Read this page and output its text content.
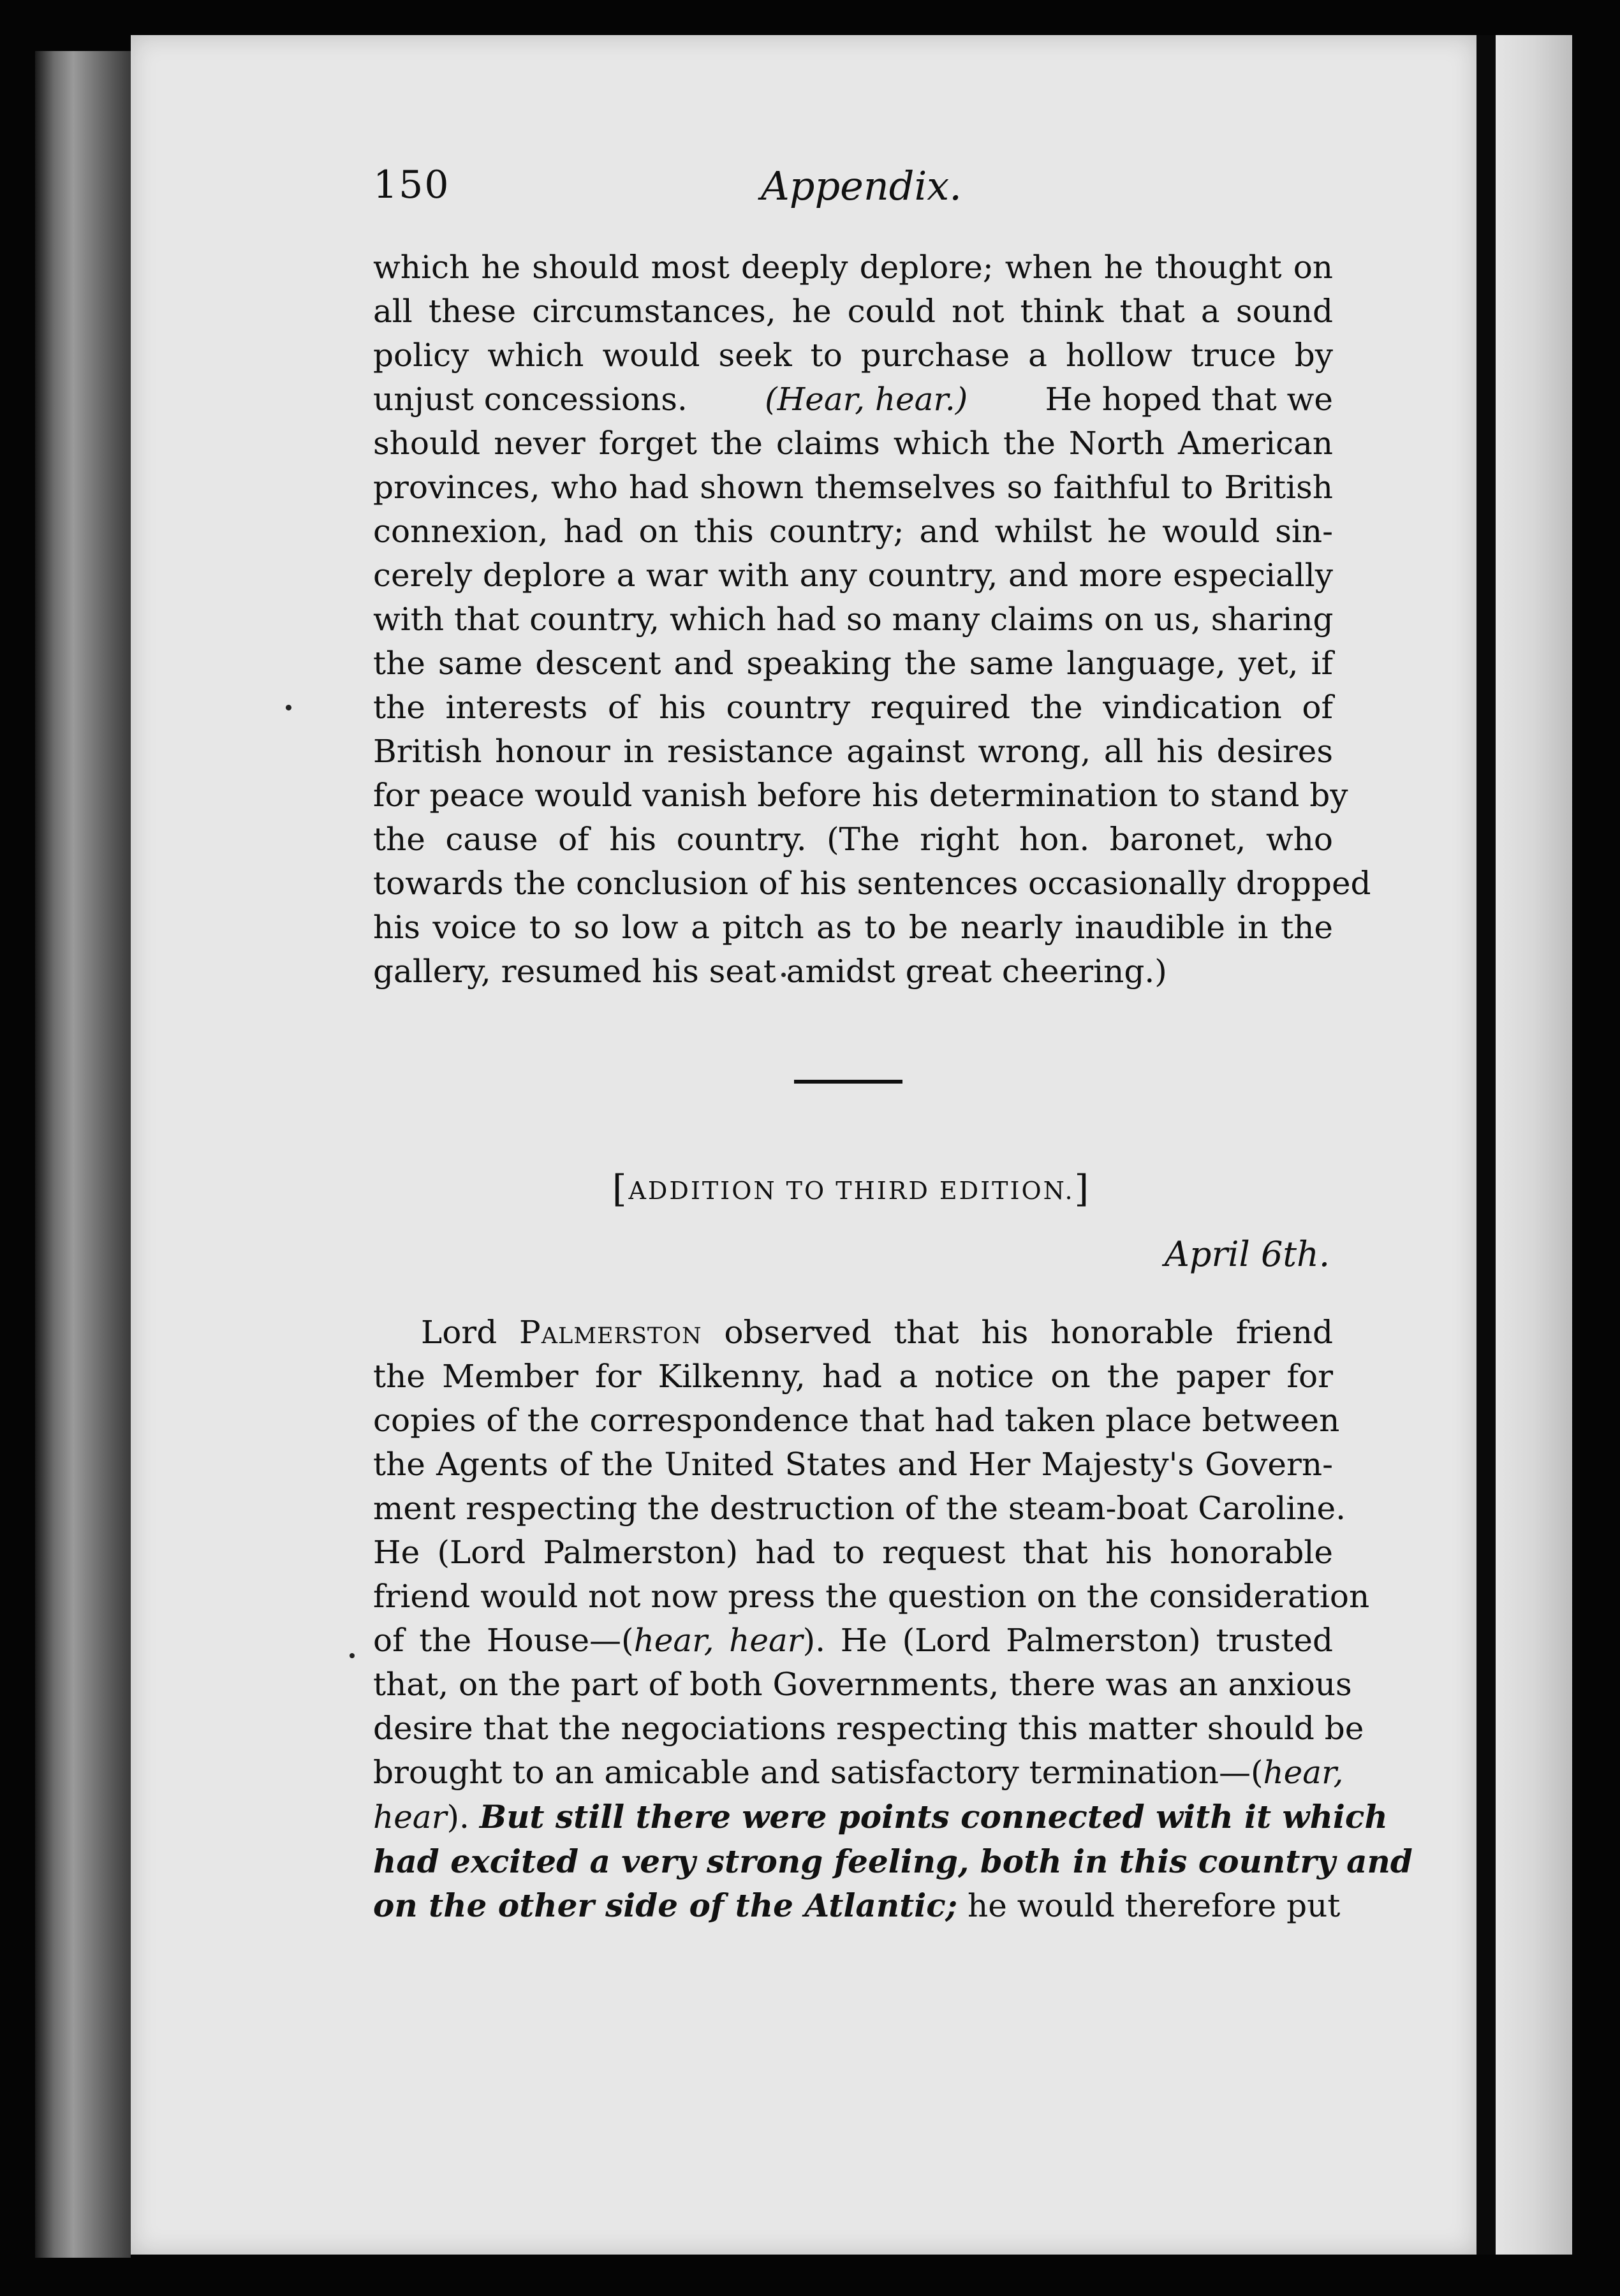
150	Appendix.
which he should most deeply deplore; when he thought on
all these circumstances, he could not think that a sound
policy which would seek to purchase a hollow truce by
unjust concessions. (Hear, hear.) He hoped that we
should never forget the claims which the North American
provinces, who had shown themselves so faithful to British
connexion, had on this country; and whilst he would sin-
cerely deplore a war with any country, and more especially
with that country, which had so many claims on us, sharing
the same descent and speaking the same language, yet, if
the interests of his country required the vindication of
British honour in resistance against wrong, all his desires
for peace would vanish before his determination to stand by
the cause of his country. (The right hon. baronet, who
towards the conclusion of his sentences occasionally dropped
his voice to so low a pitch as to be nearly inaudible in the
gallery, resumed his seat amidst great cheering.)
[ADDITION TO THIRD EDITION.]
April 6th.
Lord Palmerston observed that his honorable friend
the Member for Kilkenny, had a notice on the paper for
copies of the correspondence that had taken place between
the Agents of the United States and Her Majesty's Govern-
ment respecting the destruction of the steam-boat Caroline.
He (Lord Palmerston) had to request that his honorable
friend would not now press the question on the consideration
of the House—(hear, hear). He (Lord Palmerston) trusted
that, on the part of both Governments, there was an anxious
desire that the negociations respecting this matter should be
brought to an amicable and satisfactory termination—(hear,
hear). But still there were points connected with it which
had excited a very strong feeling, both in this country and
on the other side of the Atlantic; he would therefore put
